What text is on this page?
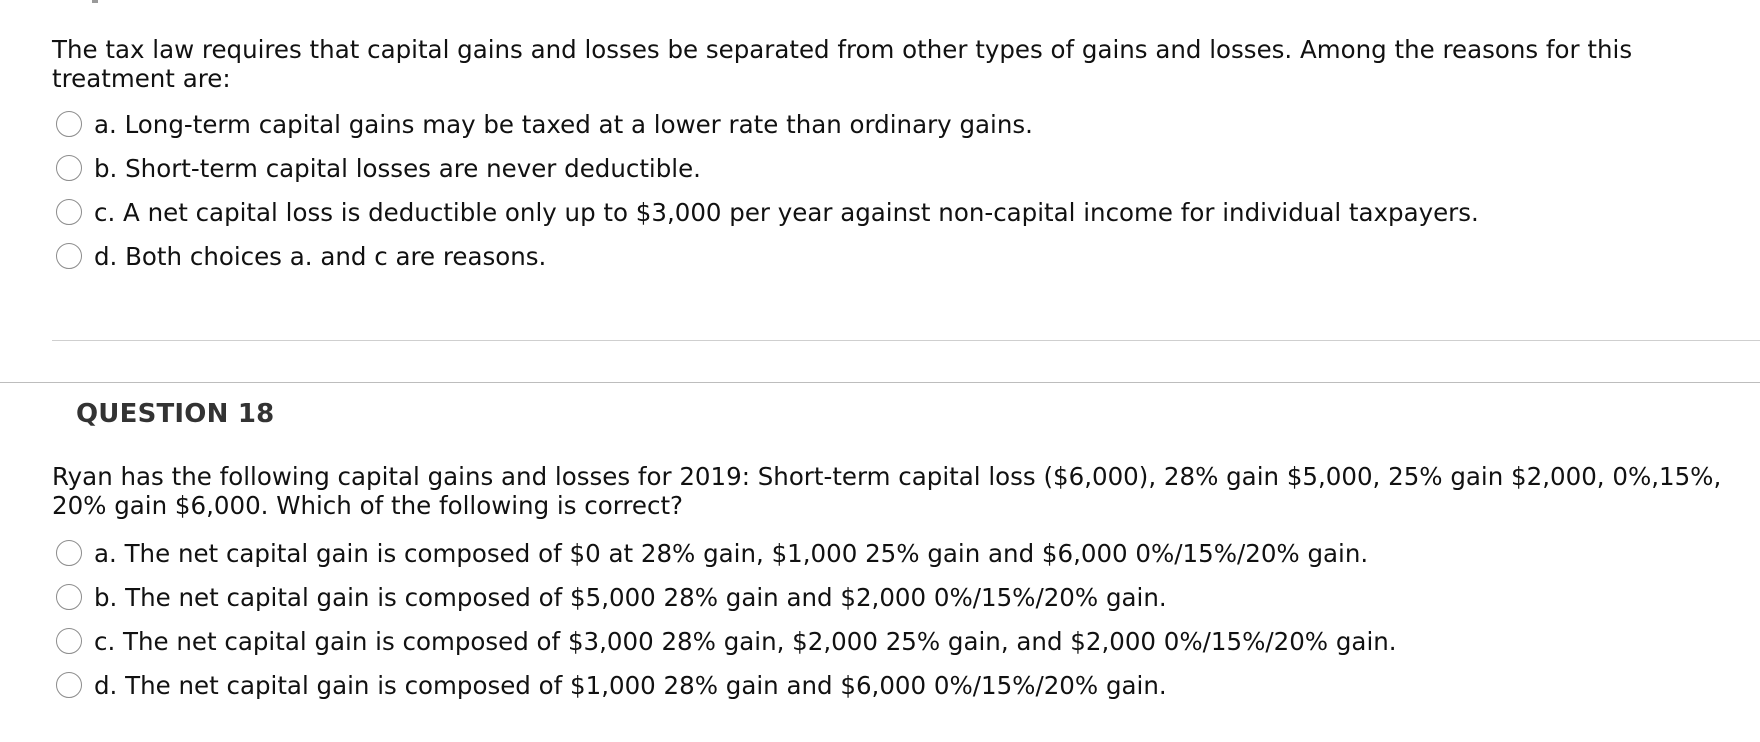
The tax law requires that capital gains and losses be separated from other types of gains and losses. Among the reasons for this treatment are:

a. Long-term capital gains may be taxed at a lower rate than ordinary gains.
b. Short-term capital losses are never deductible.
c. A net capital loss is deductible only up to $3,000 per year against non-capital income for individual taxpayers.
d. Both choices a. and c are reasons.
QUESTION 18

Ryan has the following capital gains and losses for 2019: Short-term capital loss ($6,000), 28% gain $5,000, 25% gain $2,000, 0%,15%, 20% gain $6,000. Which of the following is correct?

a. The net capital gain is composed of $0 at 28% gain, $1,000 25% gain and $6,000 0%/15%/20% gain.
b. The net capital gain is composed of $5,000 28% gain and $2,000 0%/15%/20% gain.
c. The net capital gain is composed of $3,000 28% gain, $2,000 25% gain, and $2,000 0%/15%/20% gain.
d. The net capital gain is composed of $1,000 28% gain and $6,000 0%/15%/20% gain.
